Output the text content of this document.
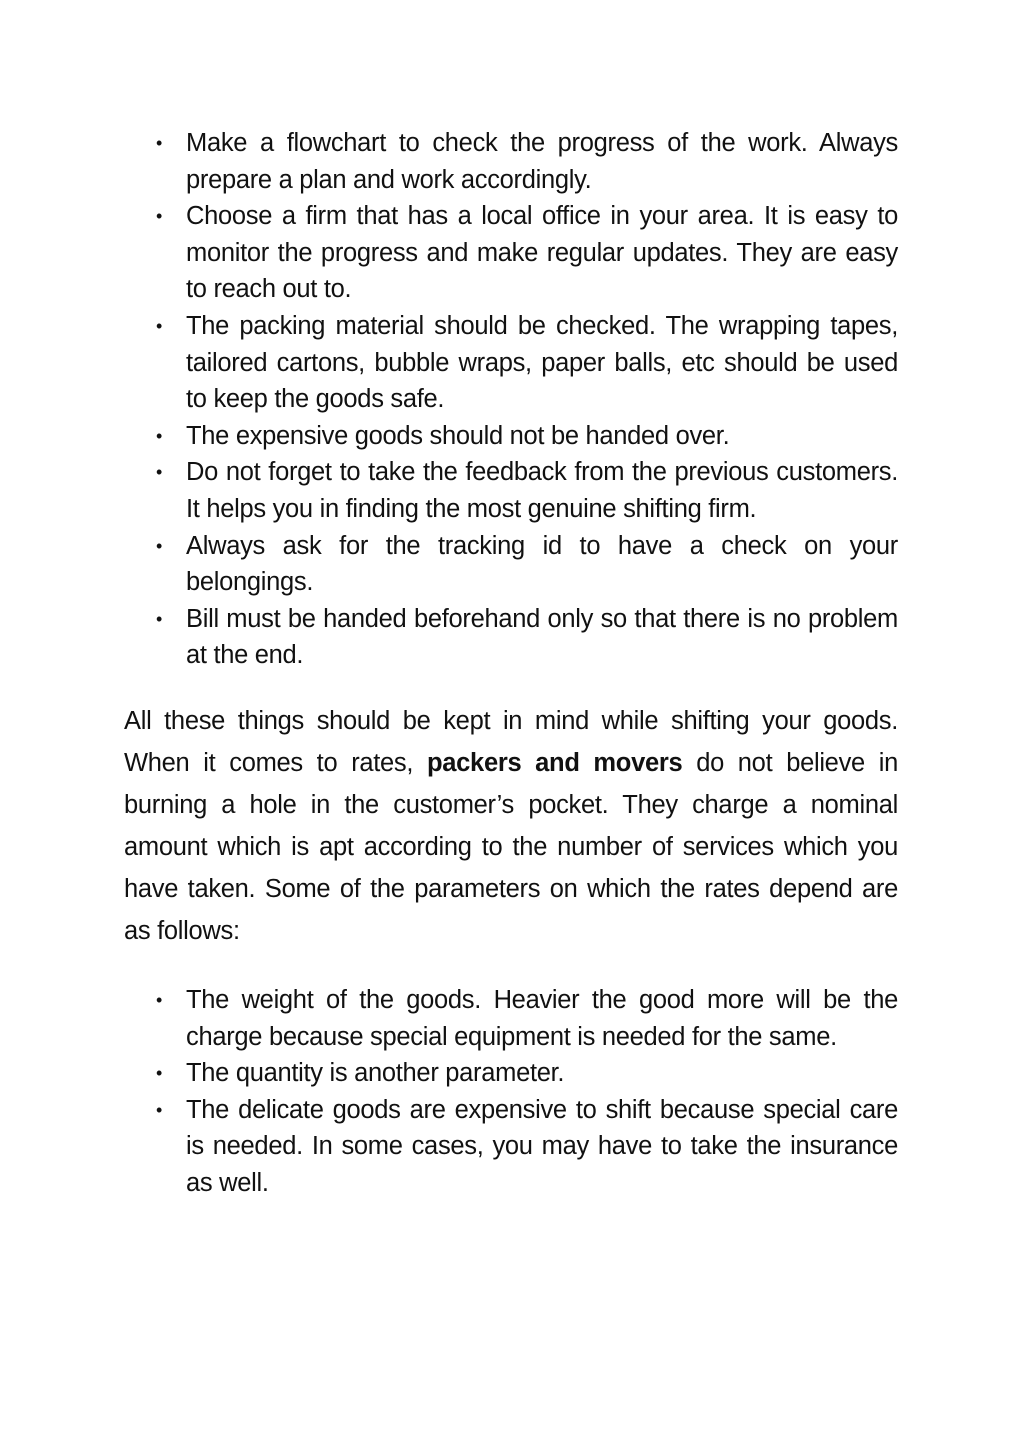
• Make a flowchart to check the progress of the work. Always prepare a plan and work accordingly.
• Choose a firm that has a local office in your area. It is easy to monitor the progress and make regular updates. They are easy to reach out to.
• The packing material should be checked. The wrapping tapes, tailored cartons, bubble wraps, paper balls, etc should be used to keep the goods safe.
• The expensive goods should not be handed over.
• Do not forget to take the feedback from the previous customers. It helps you in finding the most genuine shifting firm.
• Always ask for the tracking id to have a check on your belongings.
• Bill must be handed beforehand only so that there is no problem at the end.

All these things should be kept in mind while shifting your goods. When it comes to rates, packers and movers do not believe in burning a hole in the customer’s pocket. They charge a nominal amount which is apt according to the number of services which you have taken. Some of the parameters on which the rates depend are as follows:

• The weight of the goods. Heavier the good more will be the charge because special equipment is needed for the same.
• The quantity is another parameter.
• The delicate goods are expensive to shift because special care is needed. In some cases, you may have to take the insurance as well.
